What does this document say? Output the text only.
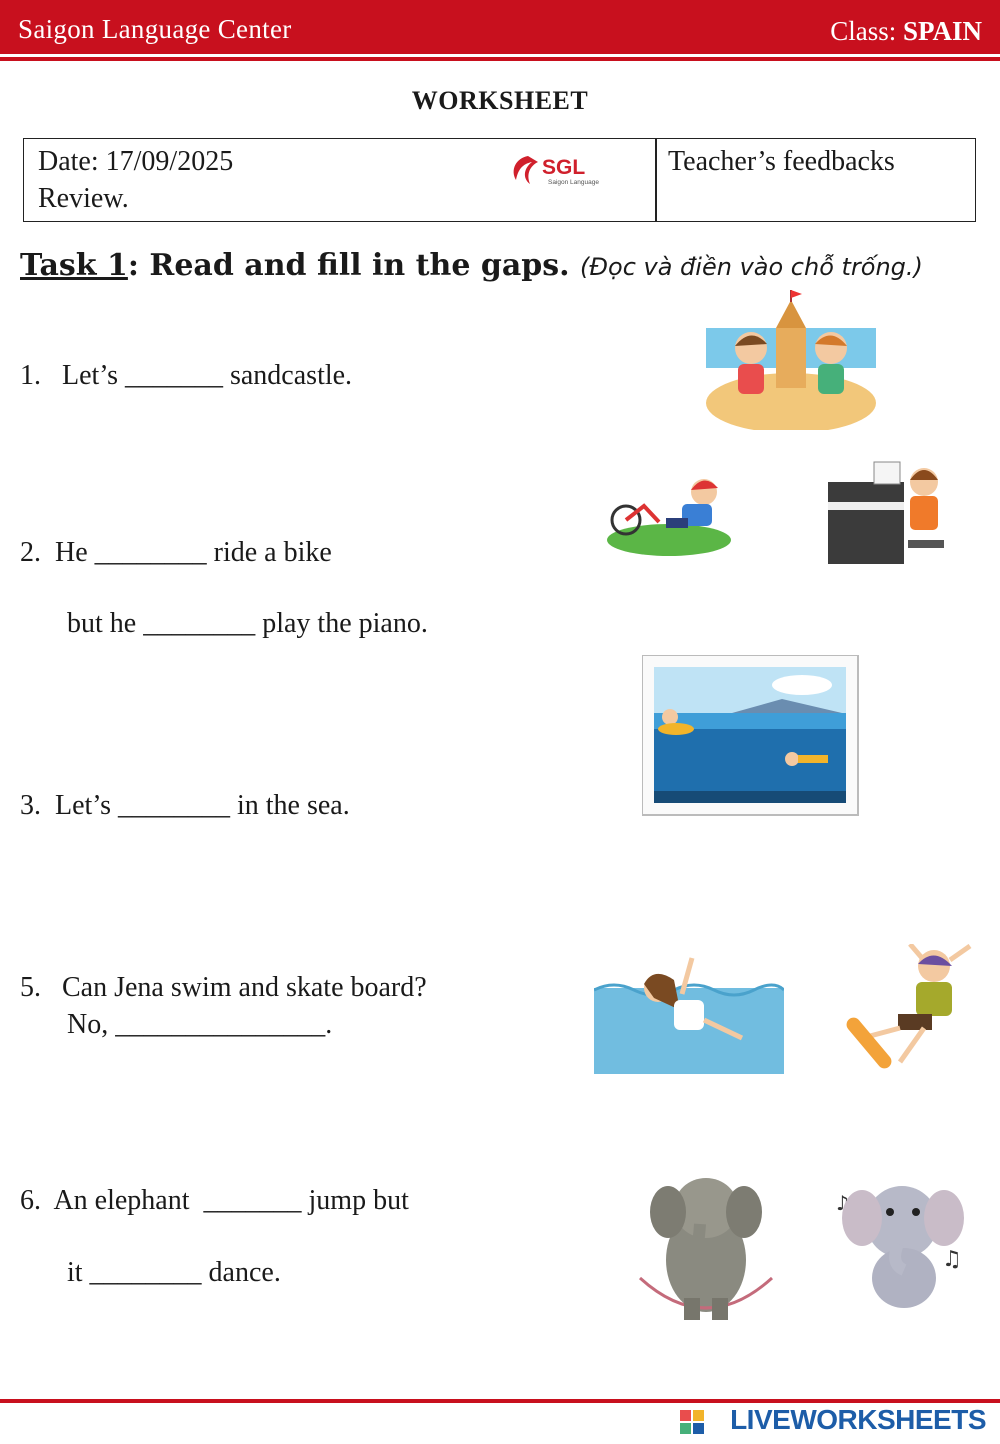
Saigon Language Center	Class: SPAIN
WORKSHEET
Date: 17/09/2025
Review.
Teacher’s feedbacks
SGL
Saigon Language
Task 1: Read and fill in the gaps. (Đọc và điền vào chỗ trống.)
1.   Let’s _______ sandcastle.
2.  He ________ ride a bike
but he ________ play the piano.
3.  Let’s ________ in the sea.
5.   Can Jena swim and skate board?
No, _______________.
6.  An elephant  _______ jump but
it ________ dance.
♪
♫
LIVEWORKSHEETS
